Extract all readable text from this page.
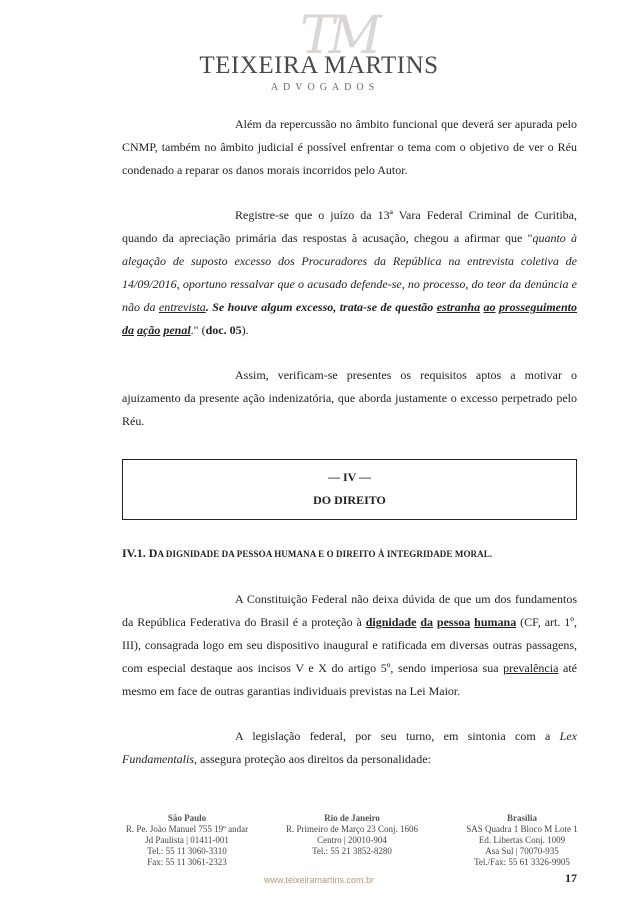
TM
TEIXEIRA MARTINS
ADVOGADOS

Além da repercussão no âmbito funcional que deverá ser apurada pelo CNMP, também no âmbito judicial é possível enfrentar o tema com o objetivo de ver o Réu condenado a reparar os danos morais incorridos pelo Autor.

Registre-se que o juízo da 13ª Vara Federal Criminal de Curitiba, quando da apreciação primária das respostas à acusação, chegou a afirmar que "quanto à alegação de suposto excesso dos Procuradores da República na entrevista coletiva de 14/09/2016, oportuno ressalvar que o acusado defende-se, no processo, do teor da denúncia e não da entrevista. Se houve algum excesso, trata-se de questão estranha ao prosseguimento da ação penal." (doc. 05).

Assim, verificam-se presentes os requisitos aptos a motivar o ajuizamento da presente ação indenizatória, que aborda justamente o excesso perpetrado pelo Réu.

— IV —
DO DIREITO
IV.1. DA DIGNIDADE DA PESSOA HUMANA E O DIREITO À INTEGRIDADE MORAL.

A Constituição Federal não deixa dúvida de que um dos fundamentos da República Federativa do Brasil é a proteção à dignidade da pessoa humana (CF, art. 1º, III), consagrada logo em seu dispositivo inaugural e ratificada em diversas outras passagens, com especial destaque aos incisos V e X do artigo 5º, sendo imperiosa sua prevalência até mesmo em face de outras garantias individuais previstas na Lei Maior.

A legislação federal, por seu turno, em sintonia com a Lex Fundamentalis, assegura proteção aos direitos da personalidade:

São Paulo
R. Pe. João Manuel 755 19º andar
Jd Paulista | 01411-001
Tel.: 55 11 3060-3310
Fax: 55 11 3061-2323
Rio de Janeiro
R. Primeiro de Março 23 Conj. 1606
Centro | 20010-904
Tel.: 55 21 3852-8280
Brasília
SAS Quadra 1 Bloco M Lote 1
Ed. Libertas Conj. 1009
Asa Sul | 70070-935
Tel./Fax: 55 61 3326-9905
www.teixeiramartins.com.br	17
